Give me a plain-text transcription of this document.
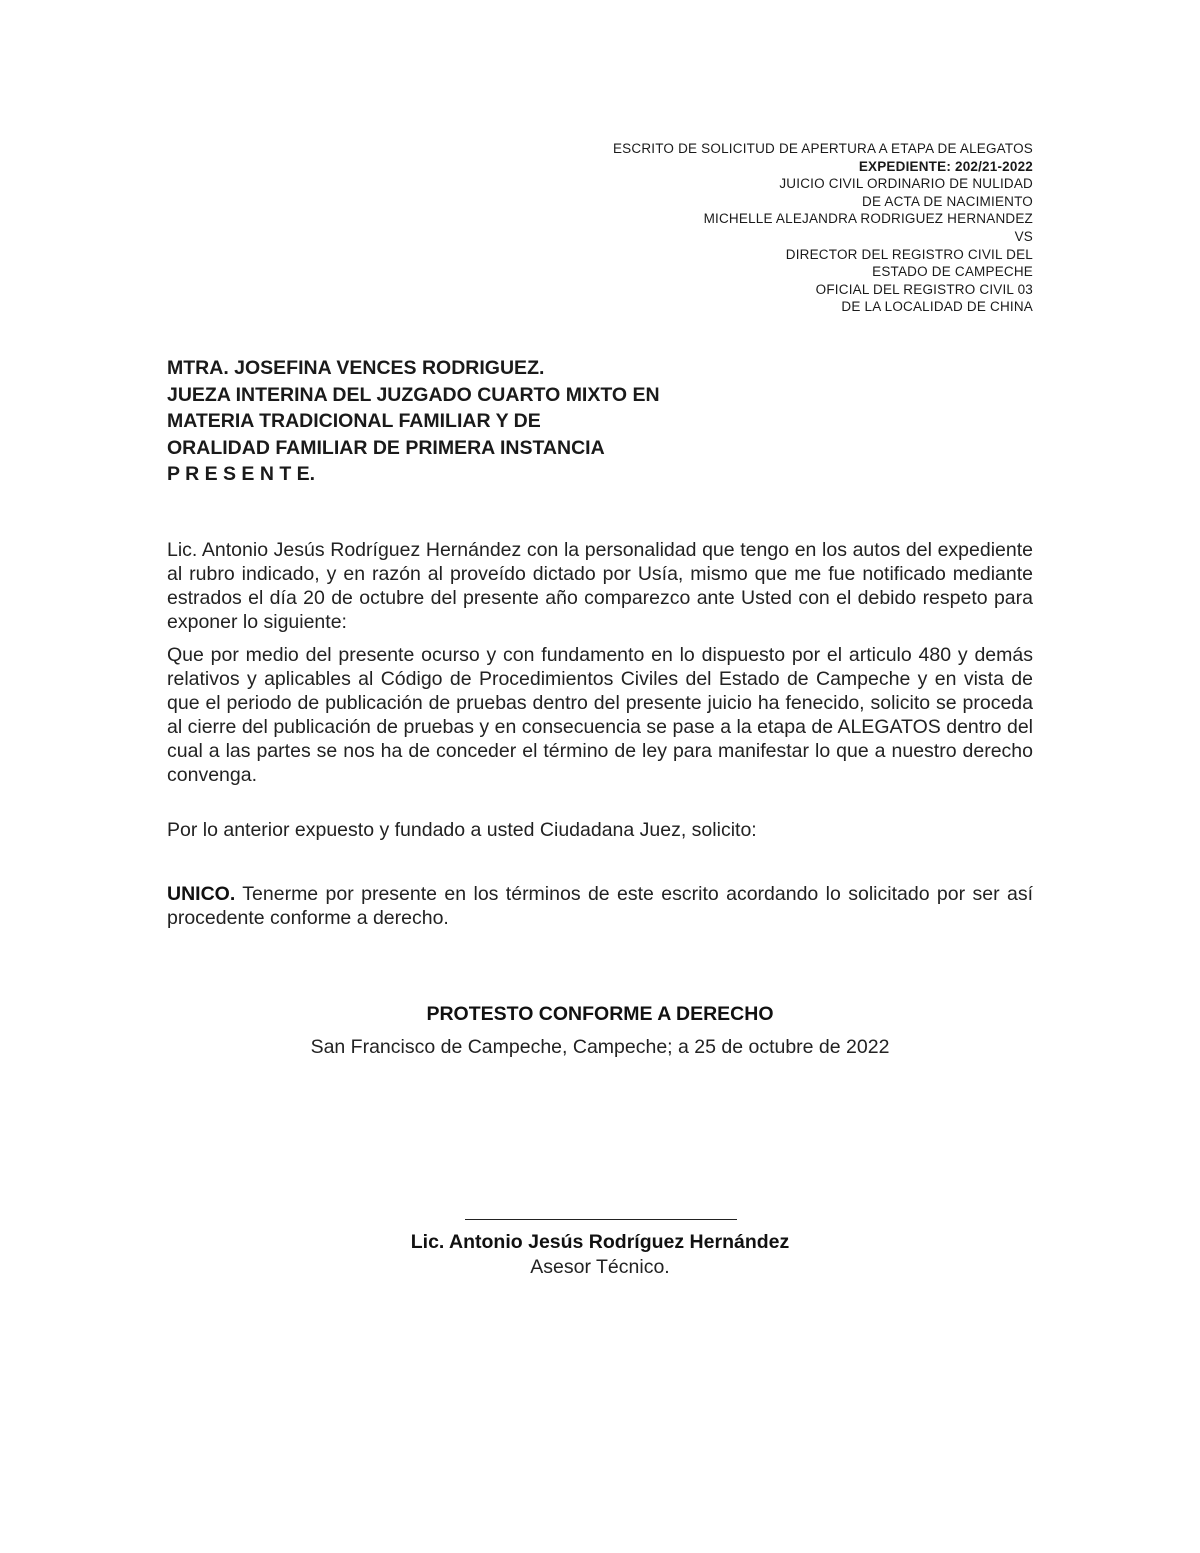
ESCRITO DE SOLICITUD DE APERTURA A ETAPA DE ALEGATOS
EXPEDIENTE: 202/21-2022
JUICIO CIVIL ORDINARIO DE NULIDAD
DE ACTA DE NACIMIENTO
MICHELLE ALEJANDRA RODRIGUEZ HERNANDEZ
VS
DIRECTOR DEL REGISTRO CIVIL DEL
ESTADO DE CAMPECHE
OFICIAL DEL REGISTRO CIVIL 03
DE LA LOCALIDAD DE CHINA
MTRA. JOSEFINA VENCES RODRIGUEZ.
JUEZA INTERINA DEL JUZGADO CUARTO MIXTO EN
MATERIA TRADICIONAL FAMILIAR Y DE
ORALIDAD FAMILIAR DE PRIMERA INSTANCIA
P R E S E N T E.
Lic. Antonio Jesús Rodríguez Hernández con la personalidad que tengo en los autos del expediente al rubro indicado, y en razón al proveído dictado por Usía, mismo que me fue notificado mediante estrados el día 20 de octubre del presente año comparezco ante Usted con el debido respeto para exponer lo siguiente:
Que por medio del presente ocurso y con fundamento en lo dispuesto por el articulo 480 y demás relativos y aplicables al Código de Procedimientos Civiles del Estado de Campeche y en vista de que el periodo de publicación de pruebas dentro del presente juicio ha fenecido, solicito se proceda al cierre del publicación de pruebas y en consecuencia se pase a la etapa de ALEGATOS dentro del cual a las partes se nos ha de conceder el término de ley para manifestar lo que a nuestro derecho convenga.
Por lo anterior expuesto y fundado a usted Ciudadana Juez, solicito:
UNICO. Tenerme por presente en los términos de este escrito acordando lo solicitado por ser así procedente conforme a derecho.
PROTESTO CONFORME A DERECHO
San Francisco de Campeche, Campeche; a 25 de octubre de 2022
Lic. Antonio Jesús Rodríguez Hernández
Asesor Técnico.
